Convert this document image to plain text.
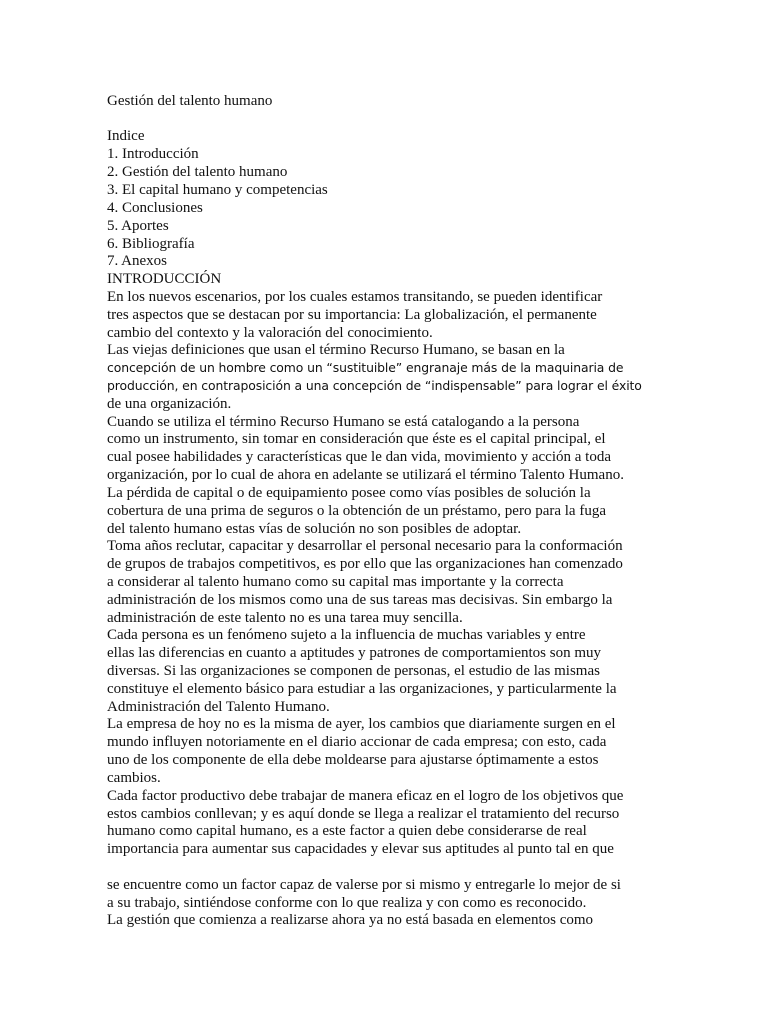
Gestión del talento humano
Indice
1. Introducción
2. Gestión del talento humano
3. El capital humano y competencias
4. Conclusiones
5. Aportes
6. Bibliografía
7. Anexos
INTRODUCCIÓN
En los nuevos escenarios, por los cuales estamos transitando, se pueden identificar
tres aspectos que se destacan por su importancia: La globalización, el permanente
cambio del contexto y la valoración del conocimiento.
Las viejas definiciones que usan el término Recurso Humano, se basan en la
concepción de un hombre como un “sustituible” engranaje más de la maquinaria de
producción, en contraposición a una concepción de “indispensable” para lograr el éxito
de una organización.
Cuando se utiliza el término Recurso Humano se está catalogando a la persona
como un instrumento, sin tomar en consideración que éste es el capital principal, el
cual posee habilidades y características que le dan vida, movimiento y acción a toda
organización, por lo cual de ahora en adelante se utilizará el término Talento Humano.
La pérdida de capital o de equipamiento posee como vías posibles de solución la
cobertura de una prima de seguros o la obtención de un préstamo, pero para la fuga
del talento humano estas vías de solución no son posibles de adoptar.
Toma años reclutar, capacitar y desarrollar el personal necesario para la conformación
de grupos de trabajos competitivos, es por ello que las organizaciones han comenzado
a considerar al talento humano como su capital mas importante y la correcta
administración de los mismos como una de sus tareas mas decisivas. Sin embargo la
administración de este talento no es una tarea muy sencilla.
Cada persona es un fenómeno sujeto a la influencia de muchas variables y entre
ellas las diferencias en cuanto a aptitudes y patrones de comportamientos son muy
diversas. Si las organizaciones se componen de personas, el estudio de las mismas
constituye el elemento básico para estudiar a las organizaciones, y particularmente la
Administración del Talento Humano.
La empresa de hoy no es la misma de ayer, los cambios que diariamente surgen en el
mundo influyen notoriamente en el diario accionar de cada empresa; con esto, cada
uno de los componente de ella debe moldearse para ajustarse óptimamente a estos
cambios.
Cada factor productivo debe trabajar de manera eficaz en el logro de los objetivos que
estos cambios conllevan; y es aquí donde se llega a realizar el tratamiento del recurso
humano como capital humano, es a este factor a quien debe considerarse de real
importancia para aumentar sus capacidades y elevar sus aptitudes al punto tal en que
se encuentre como un factor capaz de valerse por si mismo y entregarle lo mejor de si
a su trabajo, sintiéndose conforme con lo que realiza y con como es reconocido.
La gestión que comienza a realizarse ahora ya no está basada en elementos como
